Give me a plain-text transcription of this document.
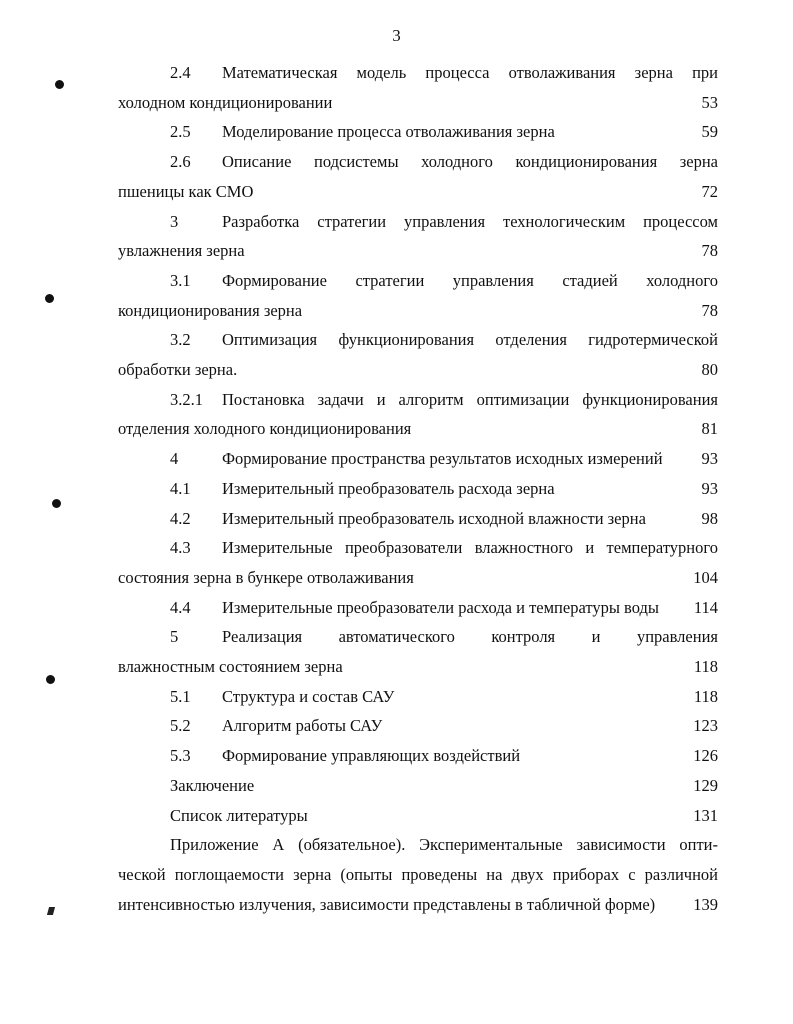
3
2.4	Математическая модель процесса отволаживания зерна при
холодном кондиционировании	53
2.5	Моделирование процесса отволаживания зерна	59
2.6	Описание подсистемы холодного кондиционирования зерна
пшеницы как СМО	72
3	Разработка стратегии управления технологическим процессом
увлажнения зерна	78
3.1	Формирование стратегии управления стадией холодного
кондиционирования зерна	78
3.2	Оптимизация функционирования отделения гидротермической
обработки зерна.	80
3.2.1	Постановка задачи и алгоритм оптимизации функционирования
отделения холодного кондиционирования	81
4	Формирование пространства результатов исходных измерений	93
4.1	Измерительный преобразователь расхода зерна	93
4.2	Измерительный преобразователь исходной влажности зерна	98
4.3	Измерительные преобразователи влажностного и температурного
состояния зерна в бункере отволаживания	104
4.4	Измерительные преобразователи расхода и температуры воды	114
5	Реализация автоматического контроля и управления
влажностным состоянием зерна	118
5.1	Структура и состав САУ	118
5.2	Алгоритм работы САУ	123
5.3	Формирование управляющих воздействий	126
Заключение	129
Список литературы	131
Приложение А (обязательное). Экспериментальные зависимости опти-
ческой поглощаемости зерна (опыты проведены на двух приборах с различной
интенсивностью излучения, зависимости представлены в табличной форме) 139
